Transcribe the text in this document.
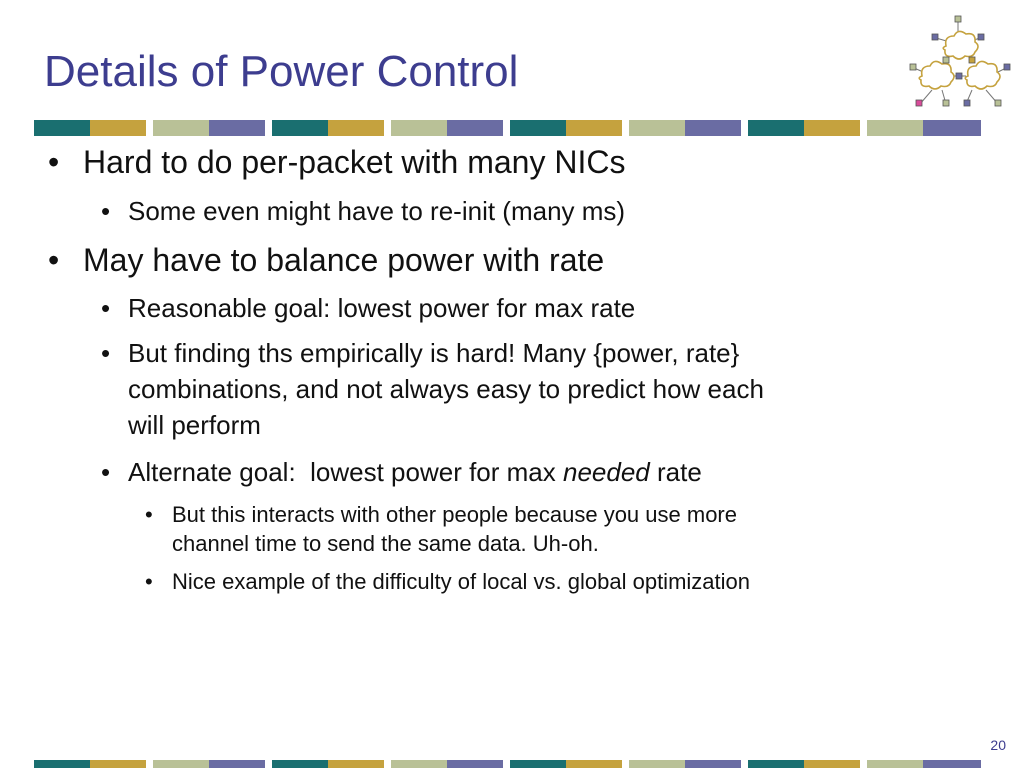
Details of Power Control
• Hard to do per-packet with many NICs
• Some even might have to re-init (many ms)
• May have to balance power with rate
• Reasonable goal: lowest power for max rate
• But finding ths empirically is hard! Many {power, rate}
combinations, and not always easy to predict how each
will perform
• Alternate goal:  lowest power for max needed rate
• But this interacts with other people because you use more
channel time to send the same data. Uh-oh.
• Nice example of the difficulty of local vs. global optimization
20
